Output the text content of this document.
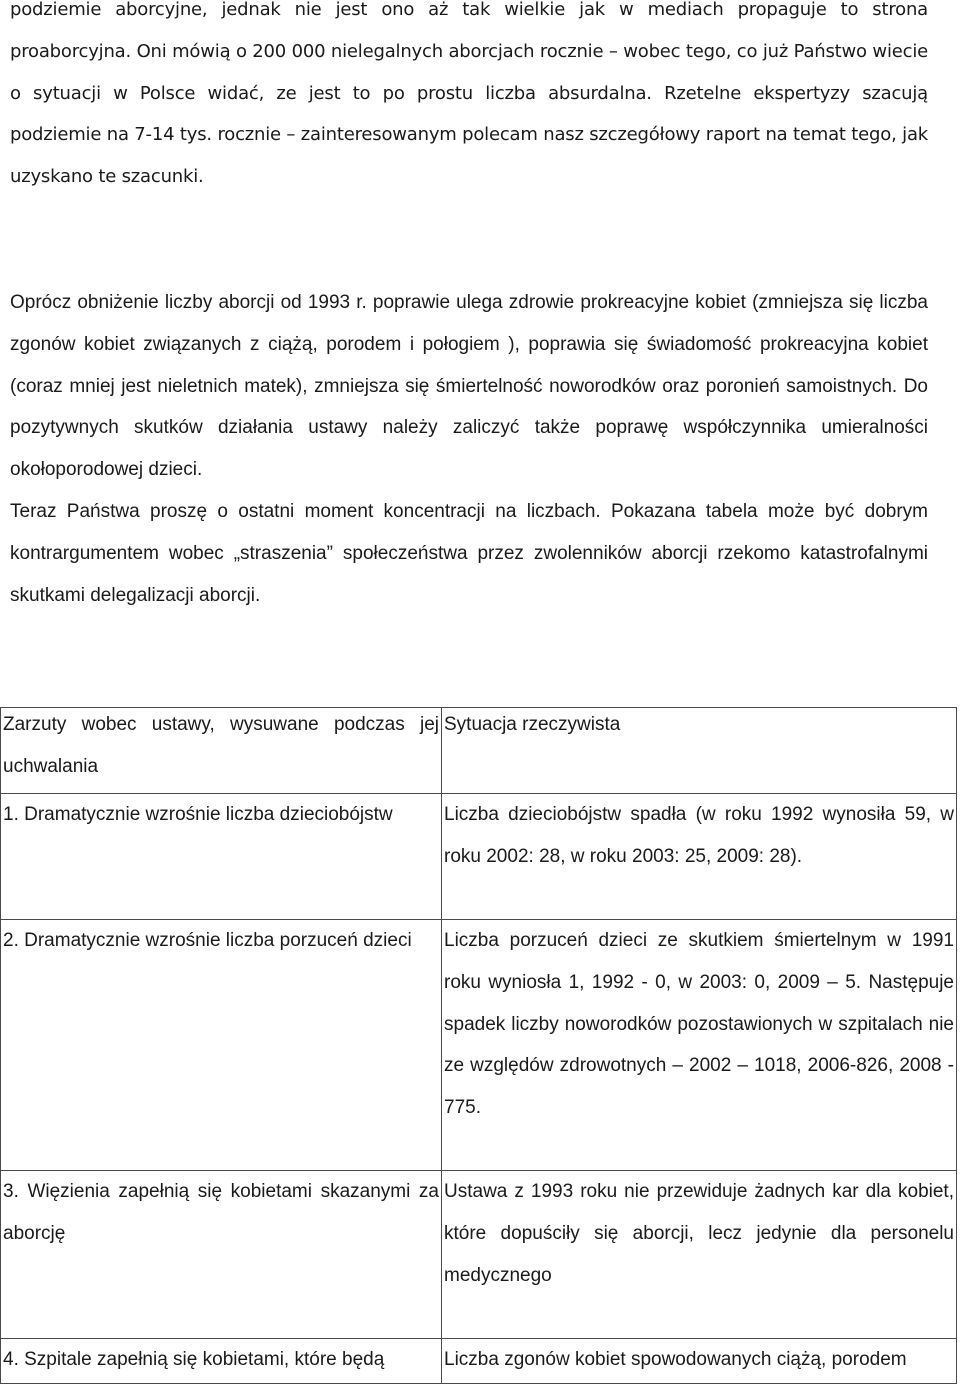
podziemie aborcyjne, jednak nie jest ono aż tak wielkie jak w mediach propaguje to strona proaborcyjna. Oni mówią o 200 000 nielegalnych aborcjach rocznie – wobec tego, co już Państwo wiecie o sytuacji w Polsce widać, ze jest to po prostu liczba absurdalna. Rzetelne ekspertyzy szacują podziemie na 7-14 tys. rocznie – zainteresowanym polecam nasz szczegółowy raport na temat tego, jak uzyskano te szacunki.

Oprócz obniżenie liczby aborcji od 1993 r. poprawie ulega zdrowie prokreacyjne kobiet (zmniejsza się liczba zgonów kobiet związanych z ciążą, porodem i połogiem ), poprawia się świadomość prokreacyjna kobiet (coraz mniej jest nieletnich matek), zmniejsza się śmiertelność noworodków oraz poronień samoistnych. Do pozytywnych skutków działania ustawy należy zaliczyć także poprawę współczynnika umieralności okołoporodowej dzieci.
Teraz Państwa proszę o ostatni moment koncentracji na liczbach. Pokazana tabela może być dobrym kontrargumentem wobec „straszenia” społeczeństwa przez zwolenników aborcji rzekomo katastrofalnymi skutkami delegalizacji aborcji.
Zarzuty wobec ustawy, wysuwane podczas jej uchwalania	Sytuacja rzeczywista

1. Dramatycznie wzrośnie liczba dzieciobójstw	Liczba dzieciobójstw spadła (w roku 1992 wynosiła 59, w roku 2002: 28, w roku 2003: 25, 2009: 28).
2. Dramatycznie wzrośnie liczba porzuceń dzieci	Liczba porzuceń dzieci ze skutkiem śmiertelnym w 1991 roku wyniosła 1, 1992 - 0, w 2003: 0, 2009 – 5. Następuje spadek liczby noworodków pozostawionych w szpitalach nie ze względów zdrowotnych – 2002 – 1018, 2006-826, 2008 - 775.
3. Więzienia zapełnią się kobietami skazanymi za aborcję	Ustawa z 1993 roku nie przewiduje żadnych kar dla kobiet, które dopuściły się aborcji, lecz jedynie dla personelu medycznego
4. Szpitale zapełnią się kobietami, które będą	Liczba zgonów kobiet spowodowanych ciążą, porodem
